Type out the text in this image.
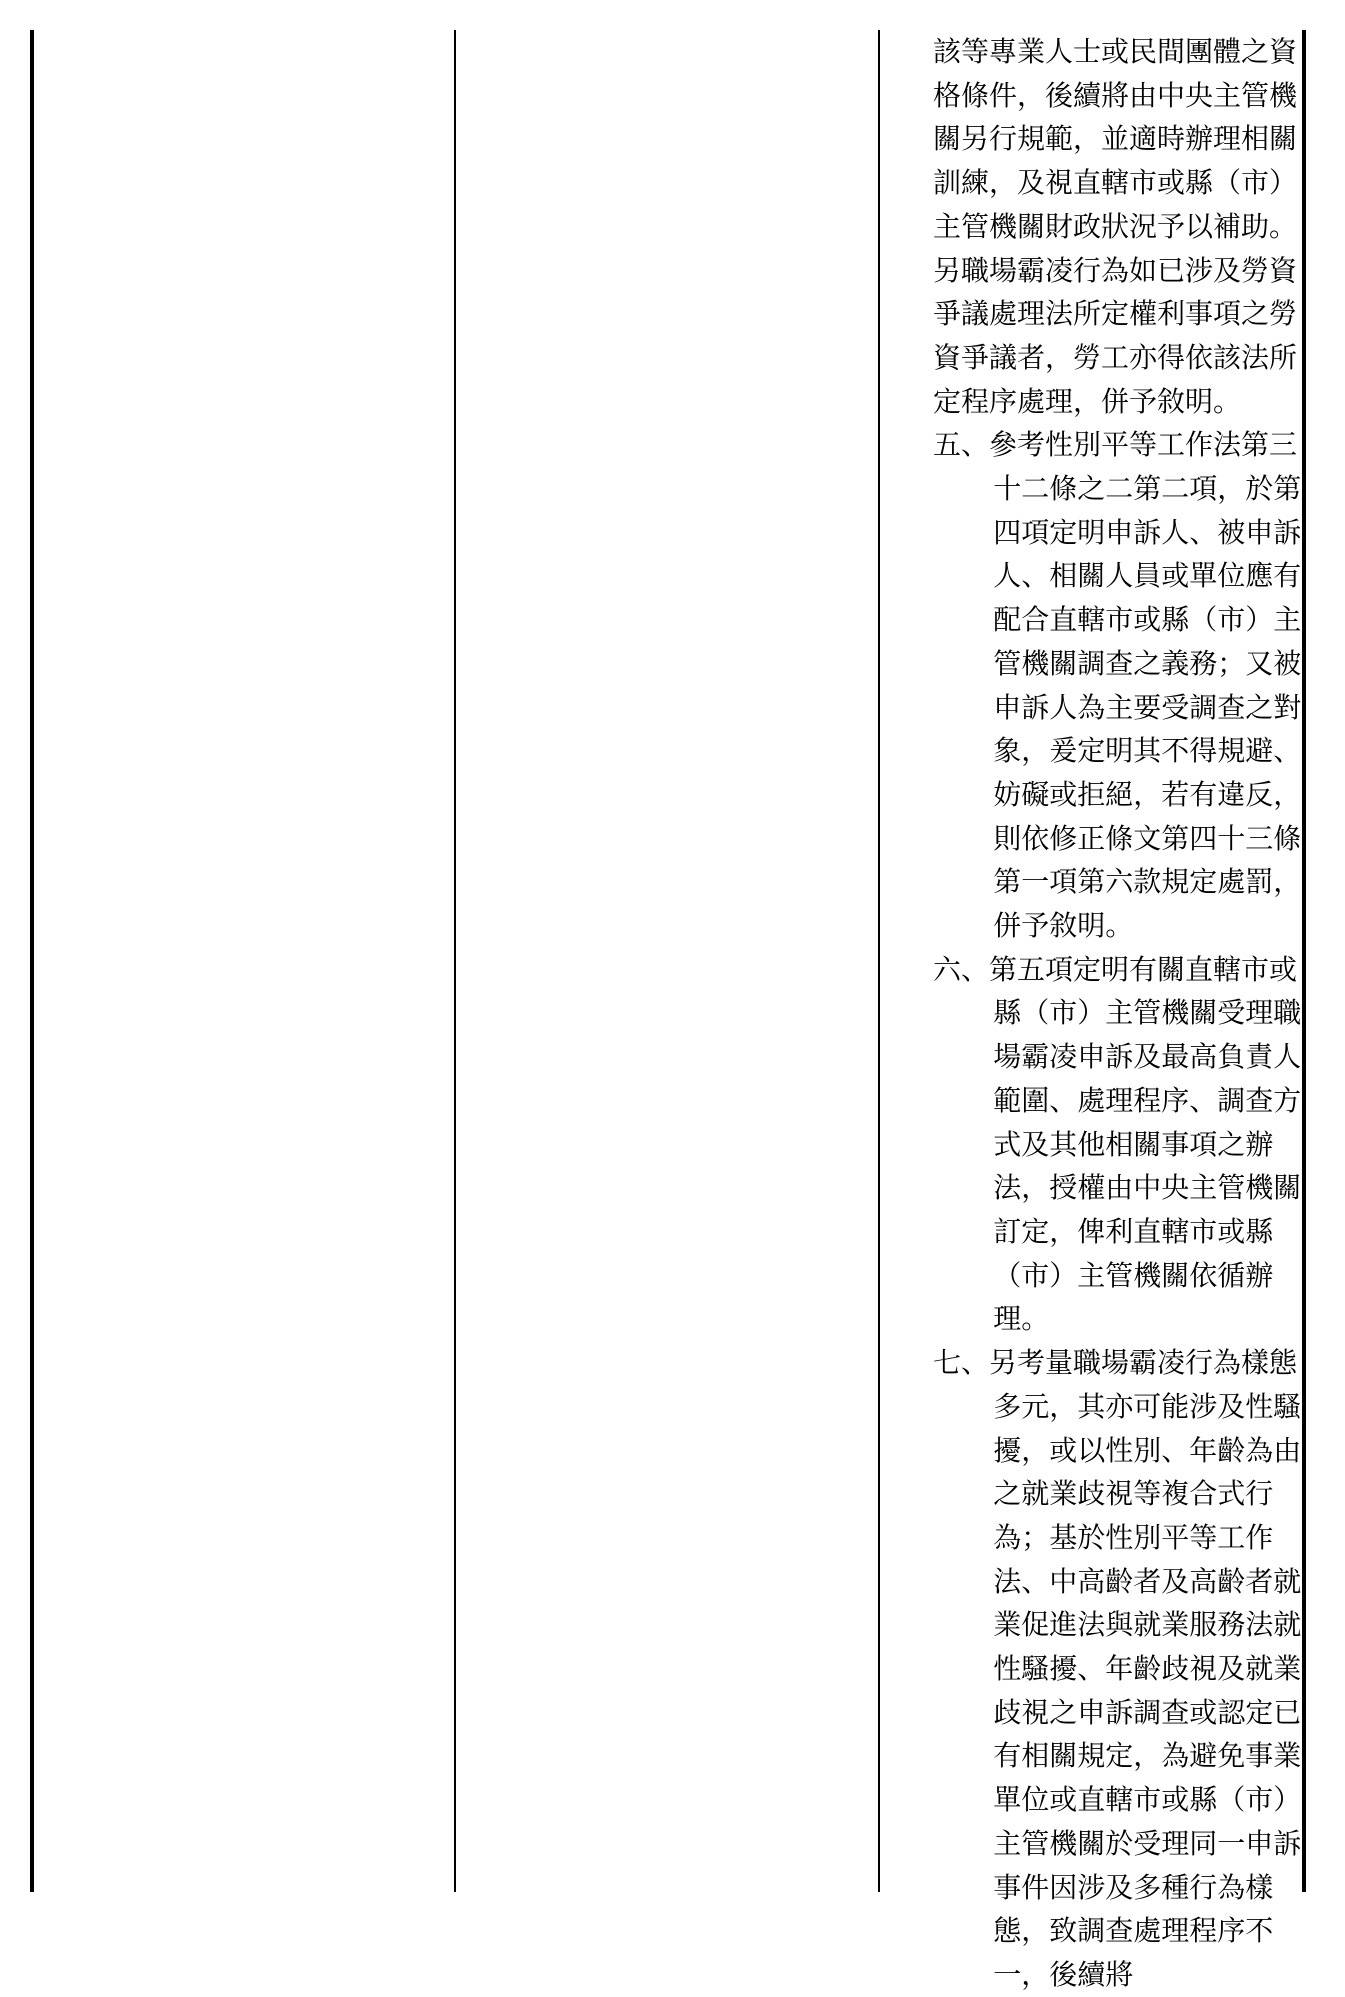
該等專業人士或民間團體之資格條件，後續將由中央主管機關另行規範，並適時辦理相關訓練，及視直轄市或縣（市）主管機關財政狀況予以補助。另職場霸凌行為如已涉及勞資爭議處理法所定權利事項之勞資爭議者，勞工亦得依該法所定程序處理，併予敘明。

五、參考性別平等工作法第三十二條之二第二項，於第四項定明申訴人、被申訴人、相關人員或單位應有配合直轄市或縣（市）主管機關調查之義務；又被申訴人為主要受調查之對象，爰定明其不得規避、妨礙或拒絕，若有違反，則依修正條文第四十三條第一項第六款規定處罰，併予敘明。

六、第五項定明有關直轄市或縣（市）主管機關受理職場霸凌申訴及最高負責人範圍、處理程序、調查方式及其他相關事項之辦法，授權由中央主管機關訂定，俾利直轄市或縣（市）主管機關依循辦理。

七、另考量職場霸凌行為樣態多元，其亦可能涉及性騷擾，或以性別、年齡為由之就業歧視等複合式行為；基於性別平等工作法、中高齡者及高齡者就業促進法與就業服務法就性騷擾、年齡歧視及就業歧視之申訴調查或認定已有相關規定，為避免事業單位或直轄市或縣（市）主管機關於受理同一申訴事件因涉及多種行為樣態，致調查處理程序不一，後續將
